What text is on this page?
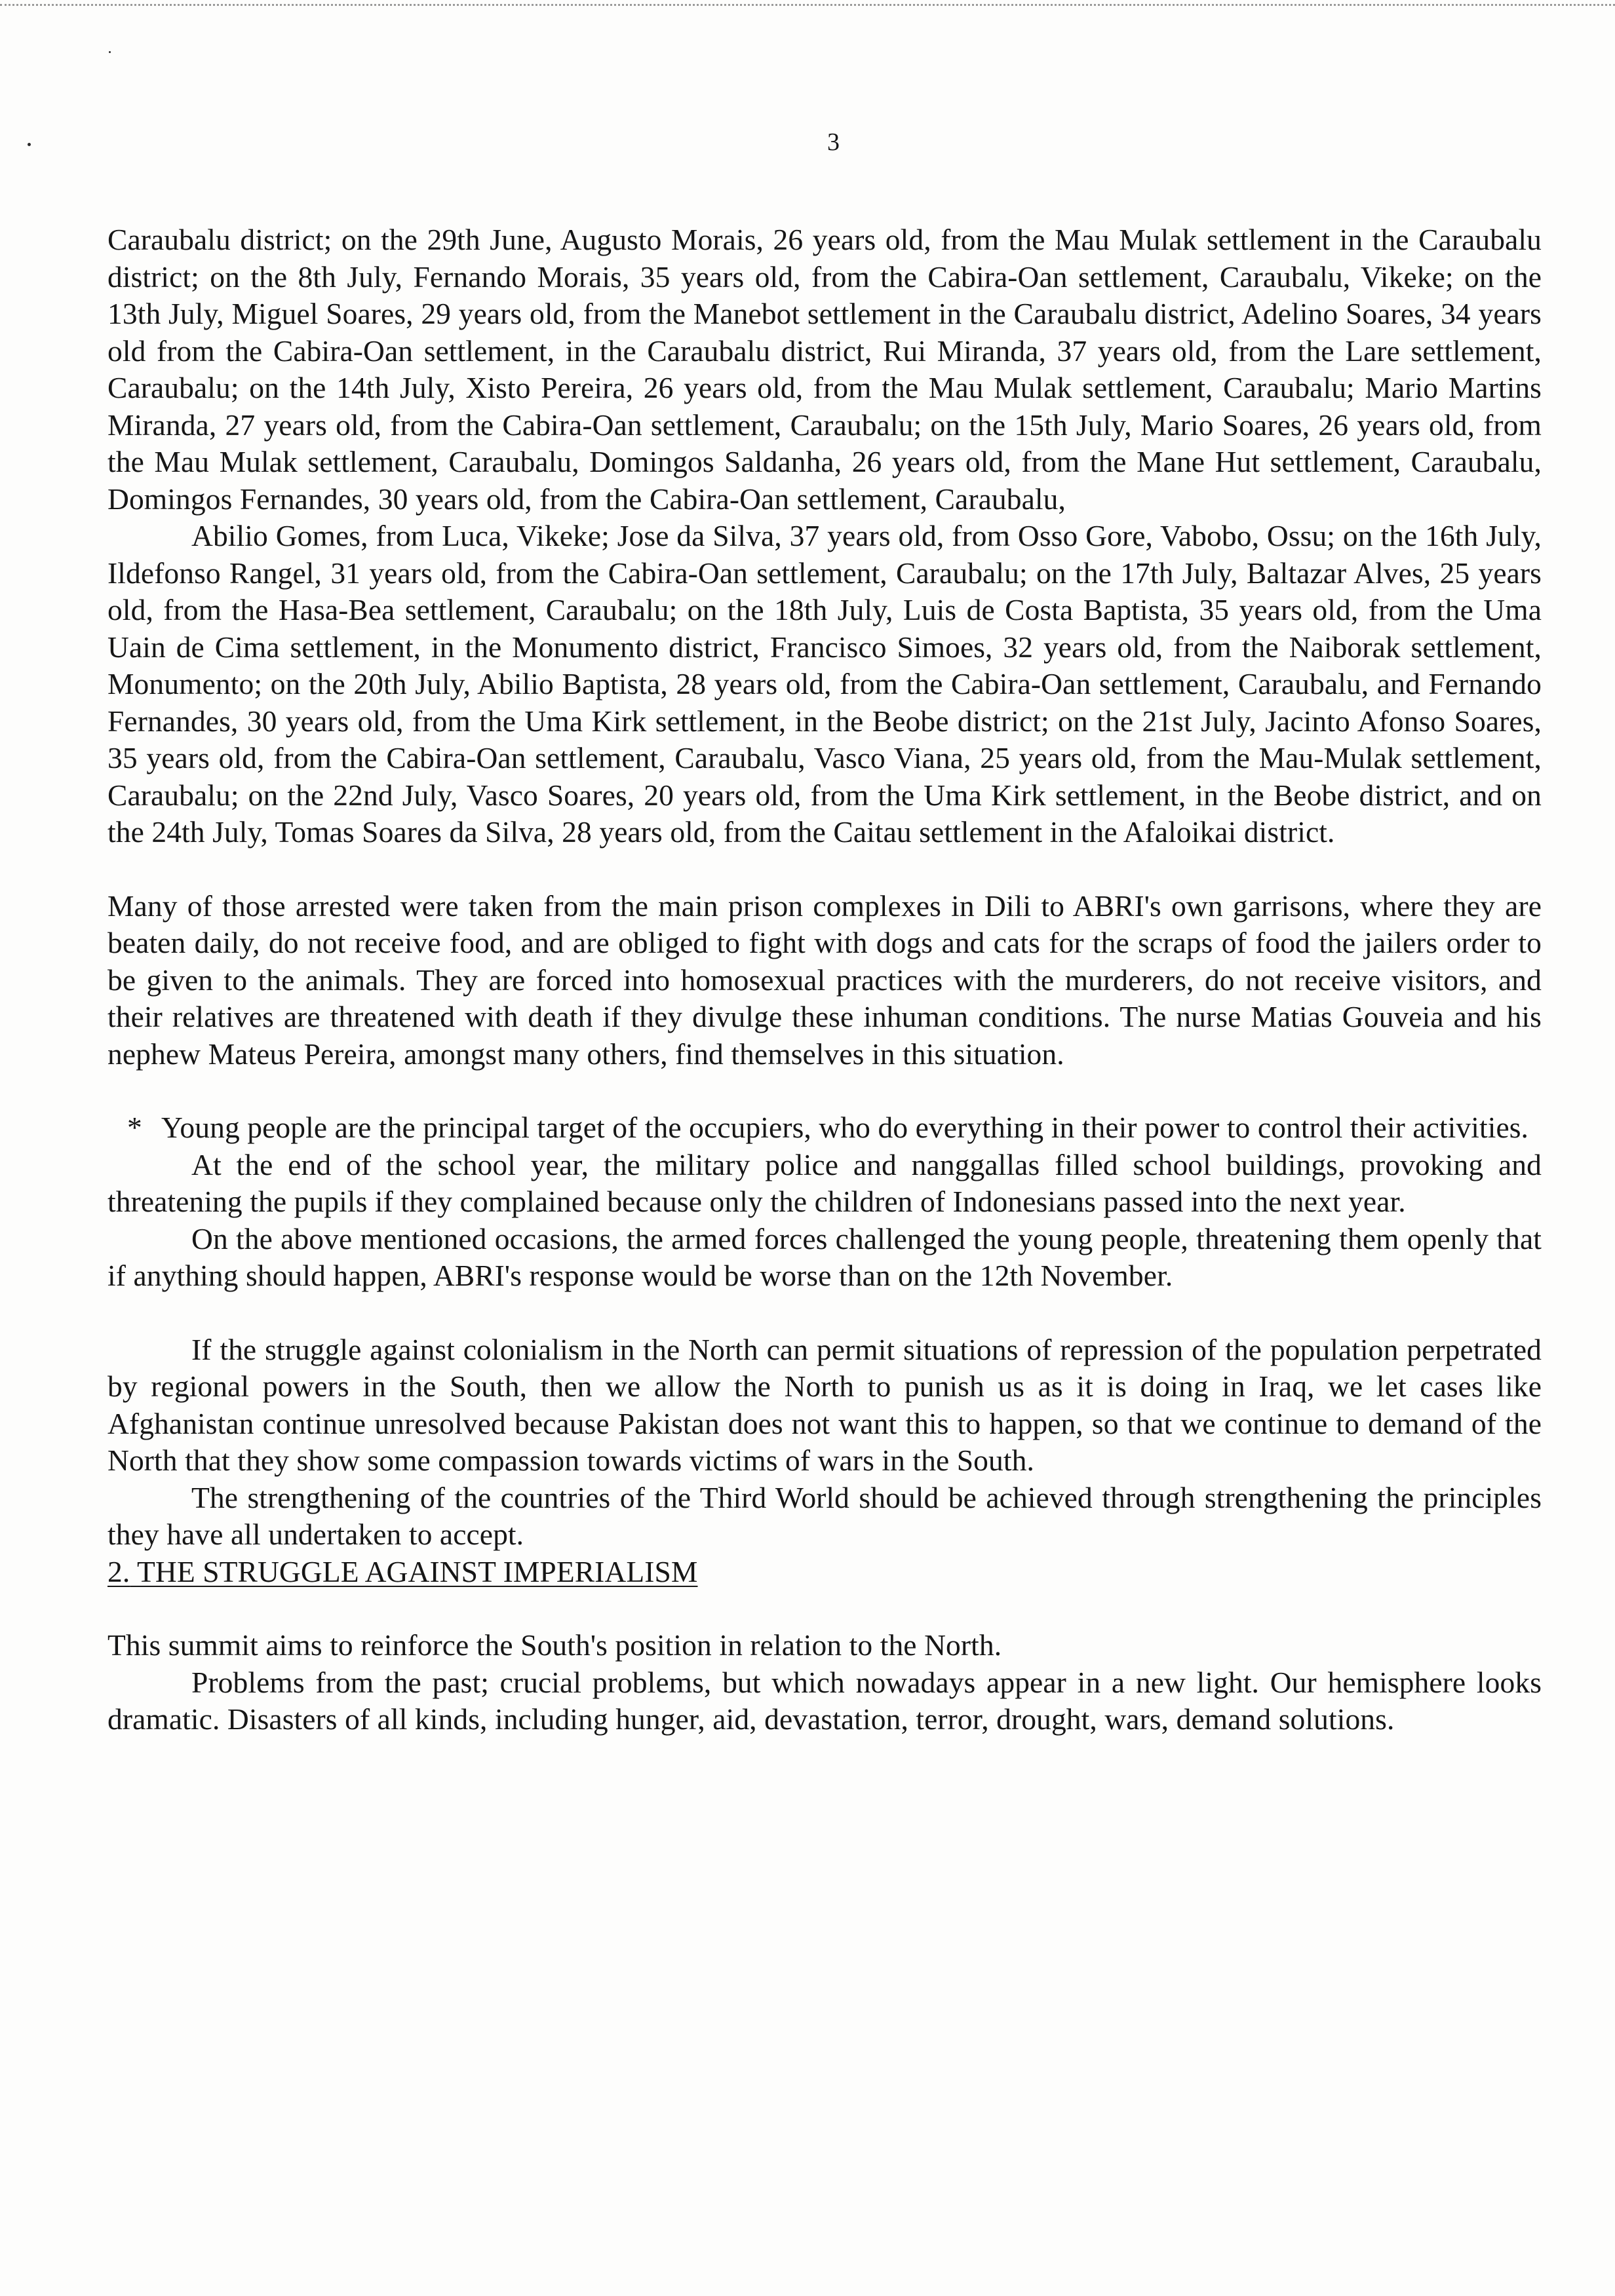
3

Caraubalu district; on the 29th June, Augusto Morais, 26 years old, from the Mau Mulak settlement in the Caraubalu district; on the 8th July, Fernando Morais, 35 years old, from the Cabira-Oan settlement, Caraubalu, Vikeke; on the 13th July, Miguel Soares, 29 years old, from the Manebot settlement in the Caraubalu district, Adelino Soares, 34 years old from the Cabira-Oan settlement, in the Caraubalu district, Rui Miranda, 37 years old, from the Lare settlement, Caraubalu; on the 14th July, Xisto Pereira, 26 years old, from the Mau Mulak settlement, Caraubalu; Mario Martins Miranda, 27 years old, from the Cabira-Oan settlement, Caraubalu; on the 15th July, Mario Soares, 26 years old, from the Mau Mulak settlement, Caraubalu, Domingos Saldanha, 26 years old, from the Mane Hut settlement, Caraubalu, Domingos Fernandes, 30 years old, from the Cabira-Oan settlement, Caraubalu,

Abilio Gomes, from Luca, Vikeke; Jose da Silva, 37 years old, from Osso Gore, Vabobo, Ossu; on the 16th July, Ildefonso Rangel, 31 years old, from the Cabira-Oan settlement, Caraubalu; on the 17th July, Baltazar Alves, 25 years old, from the Hasa-Bea settlement, Caraubalu; on the 18th July, Luis de Costa Baptista, 35 years old, from the Uma Uain de Cima settlement, in the Monumento district, Francisco Simoes, 32 years old, from the Naiborak settlement, Monumento; on the 20th July, Abilio Baptista, 28 years old, from the Cabira-Oan settlement, Caraubalu, and Fernando Fernandes, 30 years old, from the Uma Kirk settlement, in the Beobe district; on the 21st July, Jacinto Afonso Soares, 35 years old, from the Cabira-Oan settlement, Caraubalu, Vasco Viana, 25 years old, from the Mau-Mulak settlement, Caraubalu; on the 22nd July, Vasco Soares, 20 years old, from the Uma Kirk settlement, in the Beobe district, and on the 24th July, Tomas Soares da Silva, 28 years old, from the Caitau settlement in the Afaloikai district.

Many of those arrested were taken from the main prison complexes in Dili to ABRI's own garrisons, where they are beaten daily, do not receive food, and are obliged to fight with dogs and cats for the scraps of food the jailers order to be given to the animals. They are forced into homosexual practices with the murderers, do not receive visitors, and their relatives are threatened with death if they divulge these inhuman conditions. The nurse Matias Gouveia and his nephew Mateus Pereira, amongst many others, find themselves in this situation.

* Young people are the principal target of the occupiers, who do everything in their power to control their activities.

At the end of the school year, the military police and nanggallas filled school buildings, provoking and threatening the pupils if they complained because only the children of Indonesians passed into the next year.

On the above mentioned occasions, the armed forces challenged the young people, threatening them openly that if anything should happen, ABRI's response would be worse than on the 12th November.

If the struggle against colonialism in the North can permit situations of repression of the population perpetrated by regional powers in the South, then we allow the North to punish us as it is doing in Iraq, we let cases like Afghanistan continue unresolved because Pakistan does not want this to happen, so that we continue to demand of the North that they show some compassion towards victims of wars in the South.

The strengthening of the countries of the Third World should be achieved through strengthening the principles they have all undertaken to accept.

2. THE STRUGGLE AGAINST IMPERIALISM

This summit aims to reinforce the South's position in relation to the North.

Problems from the past; crucial problems, but which nowadays appear in a new light. Our hemisphere looks dramatic. Disasters of all kinds, including hunger, aid, devastation, terror, drought, wars, demand solutions.
